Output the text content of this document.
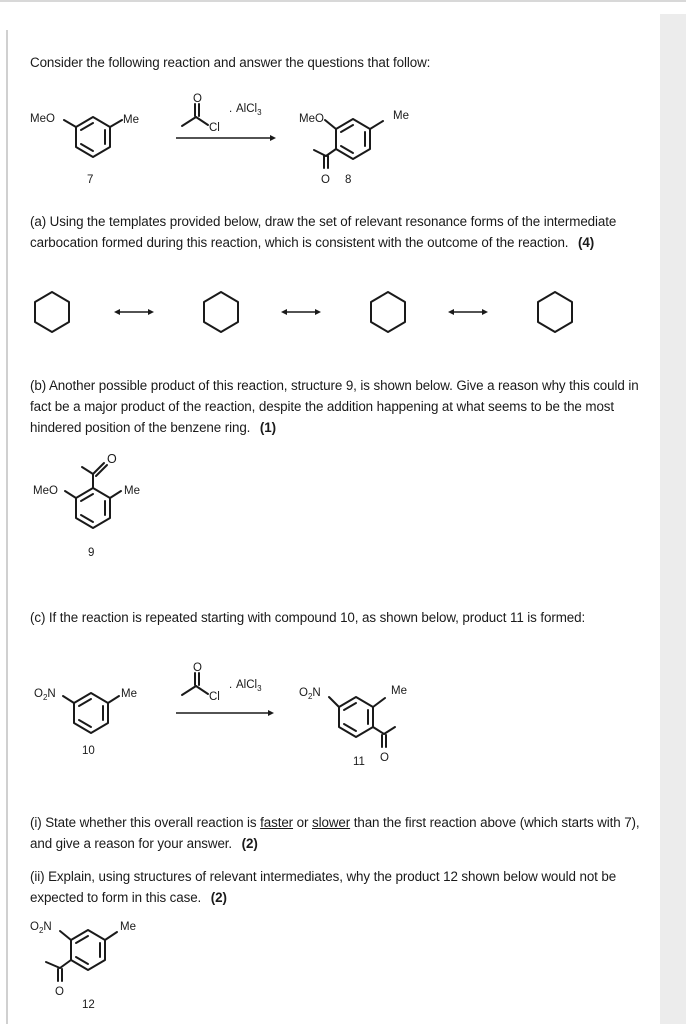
Consider the following reaction and answer the questions that follow:
(a) Using the templates provided below, draw the set of relevant resonance forms of the intermediate carbocation formed during this reaction, which is consistent with the outcome of the reaction. (4)
(b) Another possible product of this reaction, structure 9, is shown below. Give a reason why this could in fact be a major product of the reaction, despite the addition happening at what seems to be the most hindered position of the benzene ring. (1)
(c) If the reaction is repeated starting with compound 10, as shown below, product 11 is formed:
(i) State whether this overall reaction is faster or slower than the first reaction above (which starts with 7), and give a reason for your answer. (2)
(ii) Explain, using structures of relevant intermediates, why the product 12 shown below would not be expected to form in this case. (2)
MeO	Me
7
O
Cl
. AlCl$_3$
MeO	Me
O 8
O
MeO	Me
9
$O_2N$	Me
10
O
Cl
. AlCl$_3$	$O_2N$	Me
O
11
$O_2N$	Me
O
12
